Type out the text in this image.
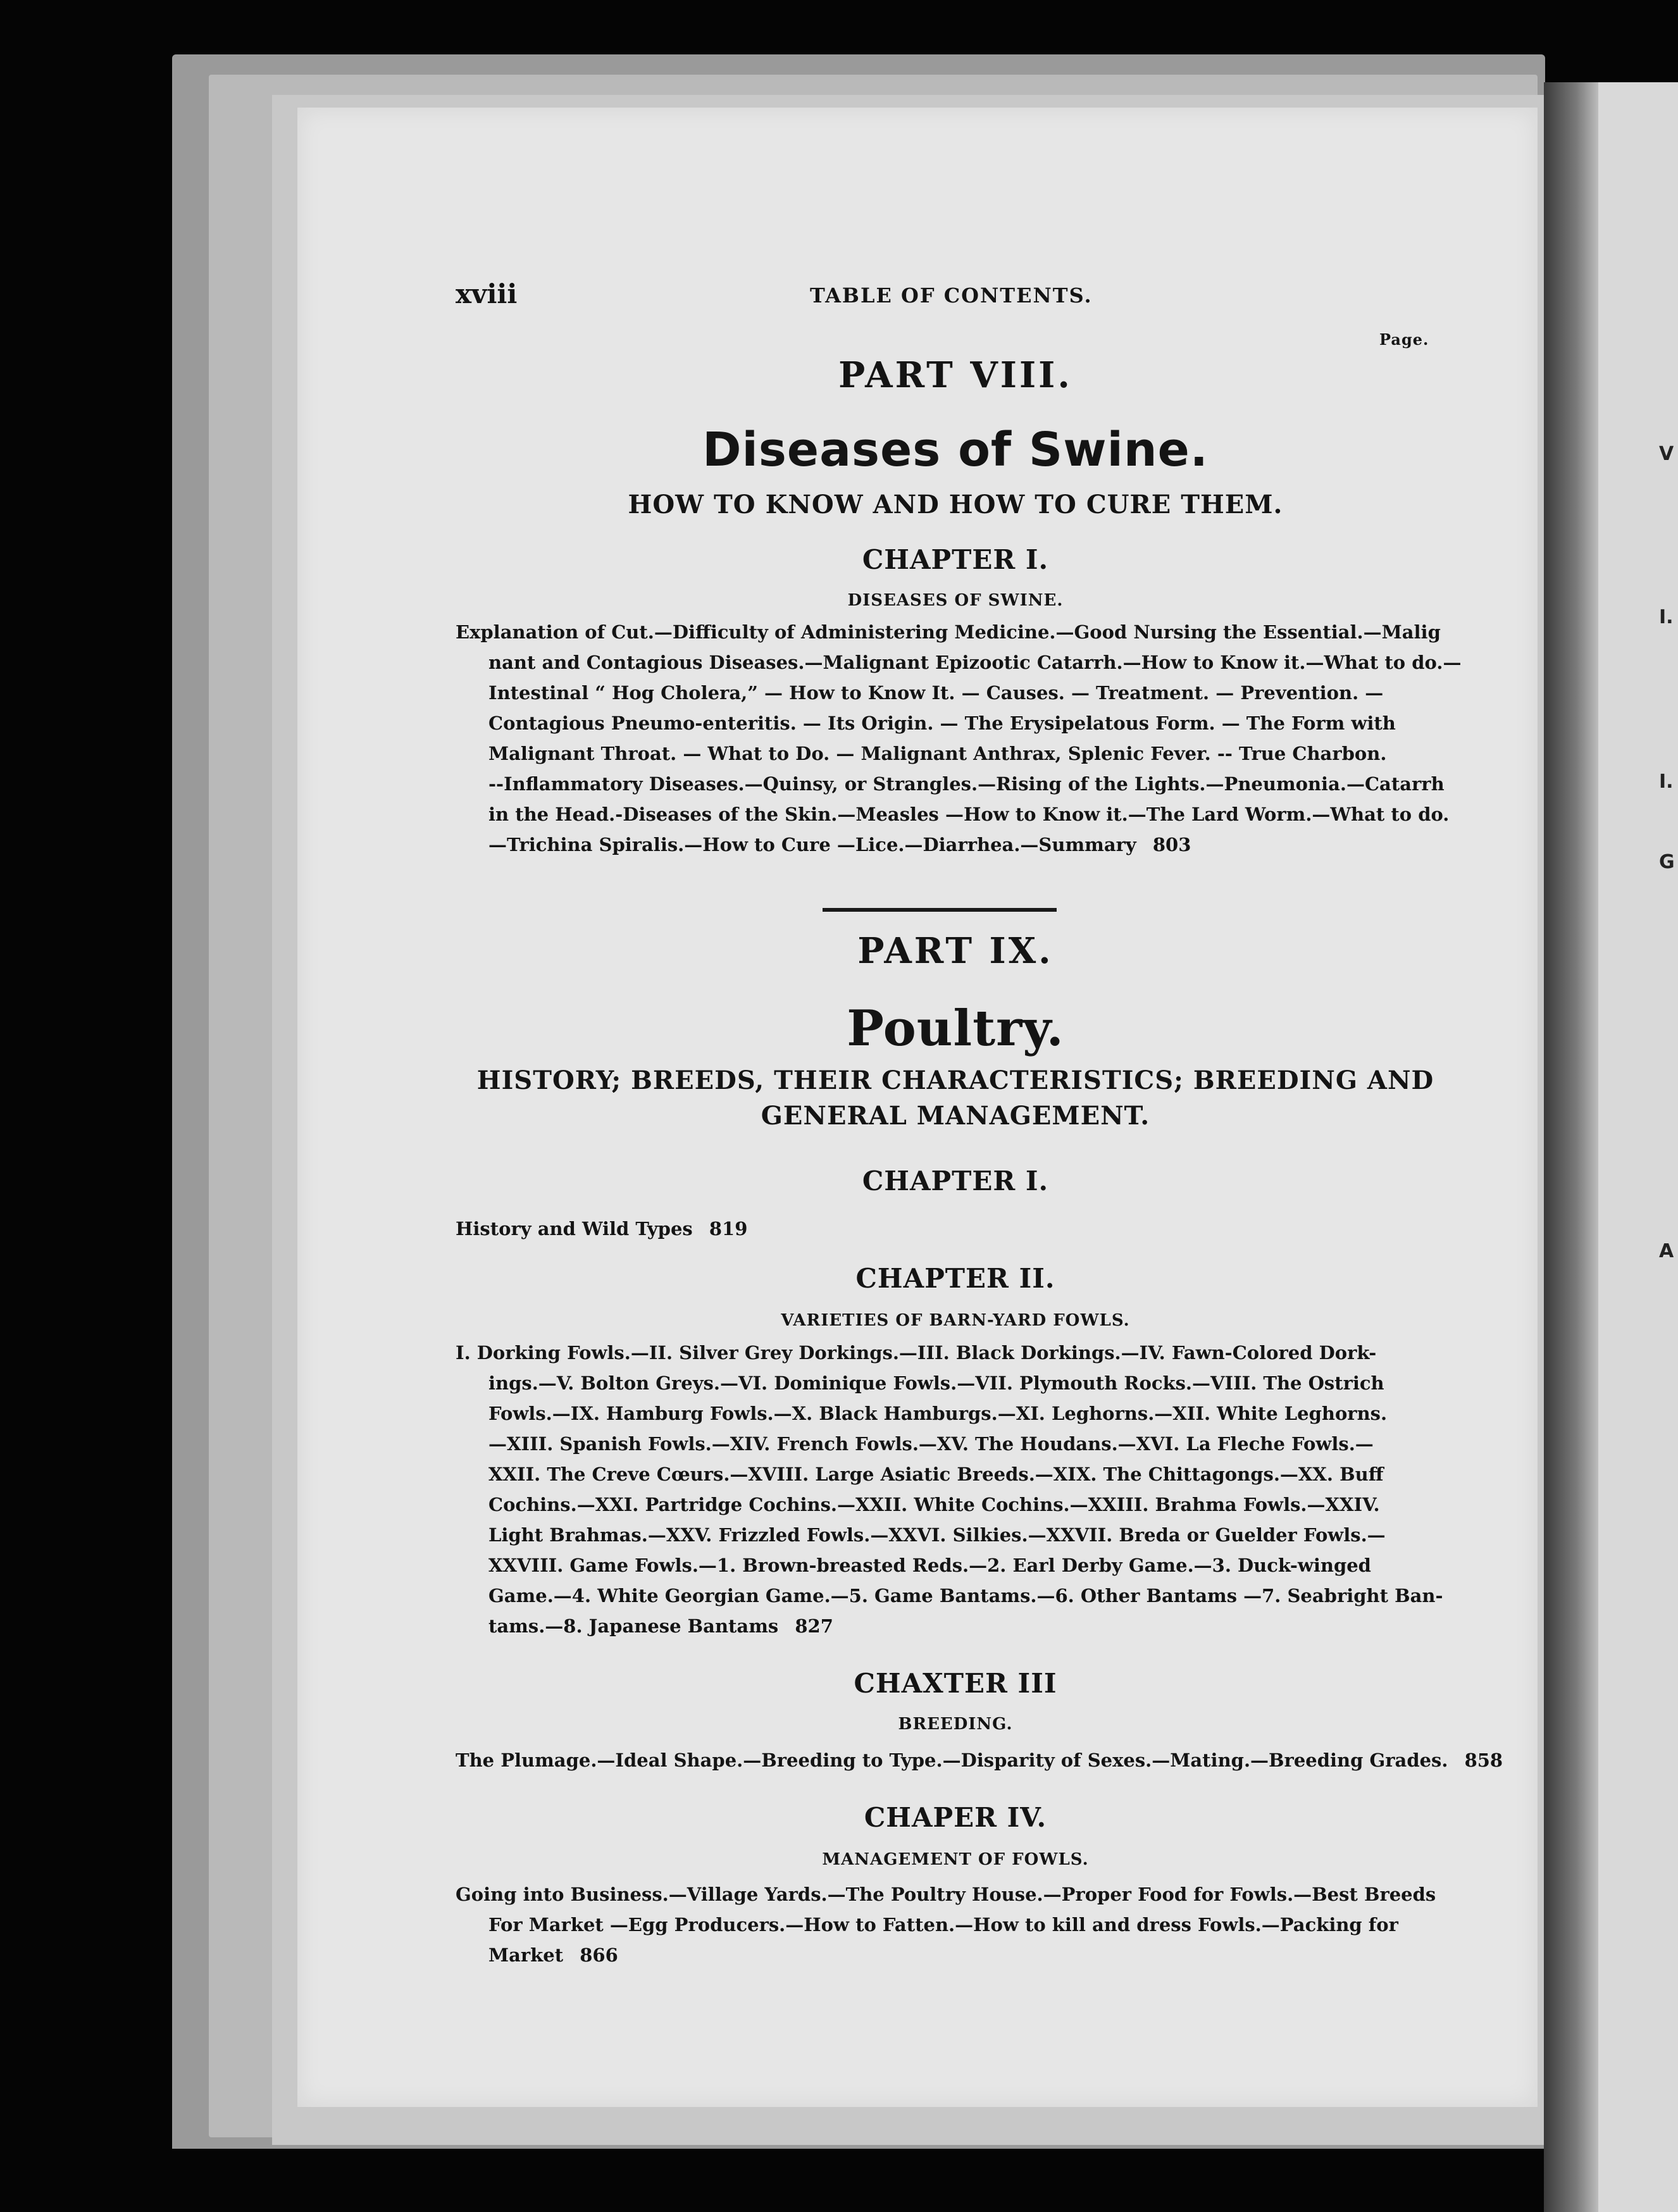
V
I.
I.
G
A
xviii	TABLE OF CONTENTS.
Page.
PART VIII.
Diseases of Swine.
HOW TO KNOW AND HOW TO CURE THEM.
CHAPTER I.
DISEASES OF SWINE.
Explanation of Cut.—Difficulty of Administering Medicine.—Good Nursing the Essential.—Malig
nant and Contagious Diseases.—Malignant Epizootic Catarrh.—How to Know it.—What to do.—
Intestinal “ Hog Cholera,” — How to Know It. — Causes. — Treatment. — Prevention. —
Contagious Pneumo-enteritis. — Its Origin. — The Erysipelatous Form. — The Form with
Malignant Throat. — What to Do. — Malignant Anthrax, Splenic Fever. -- True Charbon.
--Inflammatory Diseases.—Quinsy, or Strangles.—Rising of the Lights.—Pneumonia.—Catarrh
in the Head.-Diseases of the Skin.—Measles —How to Know it.—The Lard Worm.—What to do.
—Trichina Spiralis.—How to Cure —Lice.—Diarrhea.—Summary 803
PART IX.
Poultry.
HISTORY; BREEDS, THEIR CHARACTERISTICS; BREEDING AND
GENERAL MANAGEMENT.
CHAPTER I.
History and Wild Types 819
CHAPTER II.
VARIETIES OF BARN-YARD FOWLS.
I. Dorking Fowls.—II. Silver Grey Dorkings.—III. Black Dorkings.—IV. Fawn-Colored Dork-
ings.—V. Bolton Greys.—VI. Dominique Fowls.—VII. Plymouth Rocks.—VIII. The Ostrich
Fowls.—IX. Hamburg Fowls.—X. Black Hamburgs.—XI. Leghorns.—XII. White Leghorns.
—XIII. Spanish Fowls.—XIV. French Fowls.—XV. The Houdans.—XVI. La Fleche Fowls.—
XXII. The Creve Cœurs.—XVIII. Large Asiatic Breeds.—XIX. The Chittagongs.—XX. Buff
Cochins.—XXI. Partridge Cochins.—XXII. White Cochins.—XXIII. Brahma Fowls.—XXIV.
Light Brahmas.—XXV. Frizzled Fowls.—XXVI. Silkies.—XXVII. Breda or Guelder Fowls.—
XXVIII. Game Fowls.—1. Brown-breasted Reds.—2. Earl Derby Game.—3. Duck-winged
Game.—4. White Georgian Game.—5. Game Bantams.—6. Other Bantams —7. Seabright Ban-
tams.—8. Japanese Bantams 827
CHAXTER III
BREEDING.
The Plumage.—Ideal Shape.—Breeding to Type.—Disparity of Sexes.—Mating.—Breeding Grades. 858
CHAPER IV.
MANAGEMENT OF FOWLS.
Going into Business.—Village Yards.—The Poultry House.—Proper Food for Fowls.—Best Breeds
For Market —Egg Producers.—How to Fatten.—How to kill and dress Fowls.—Packing for
Market 866
